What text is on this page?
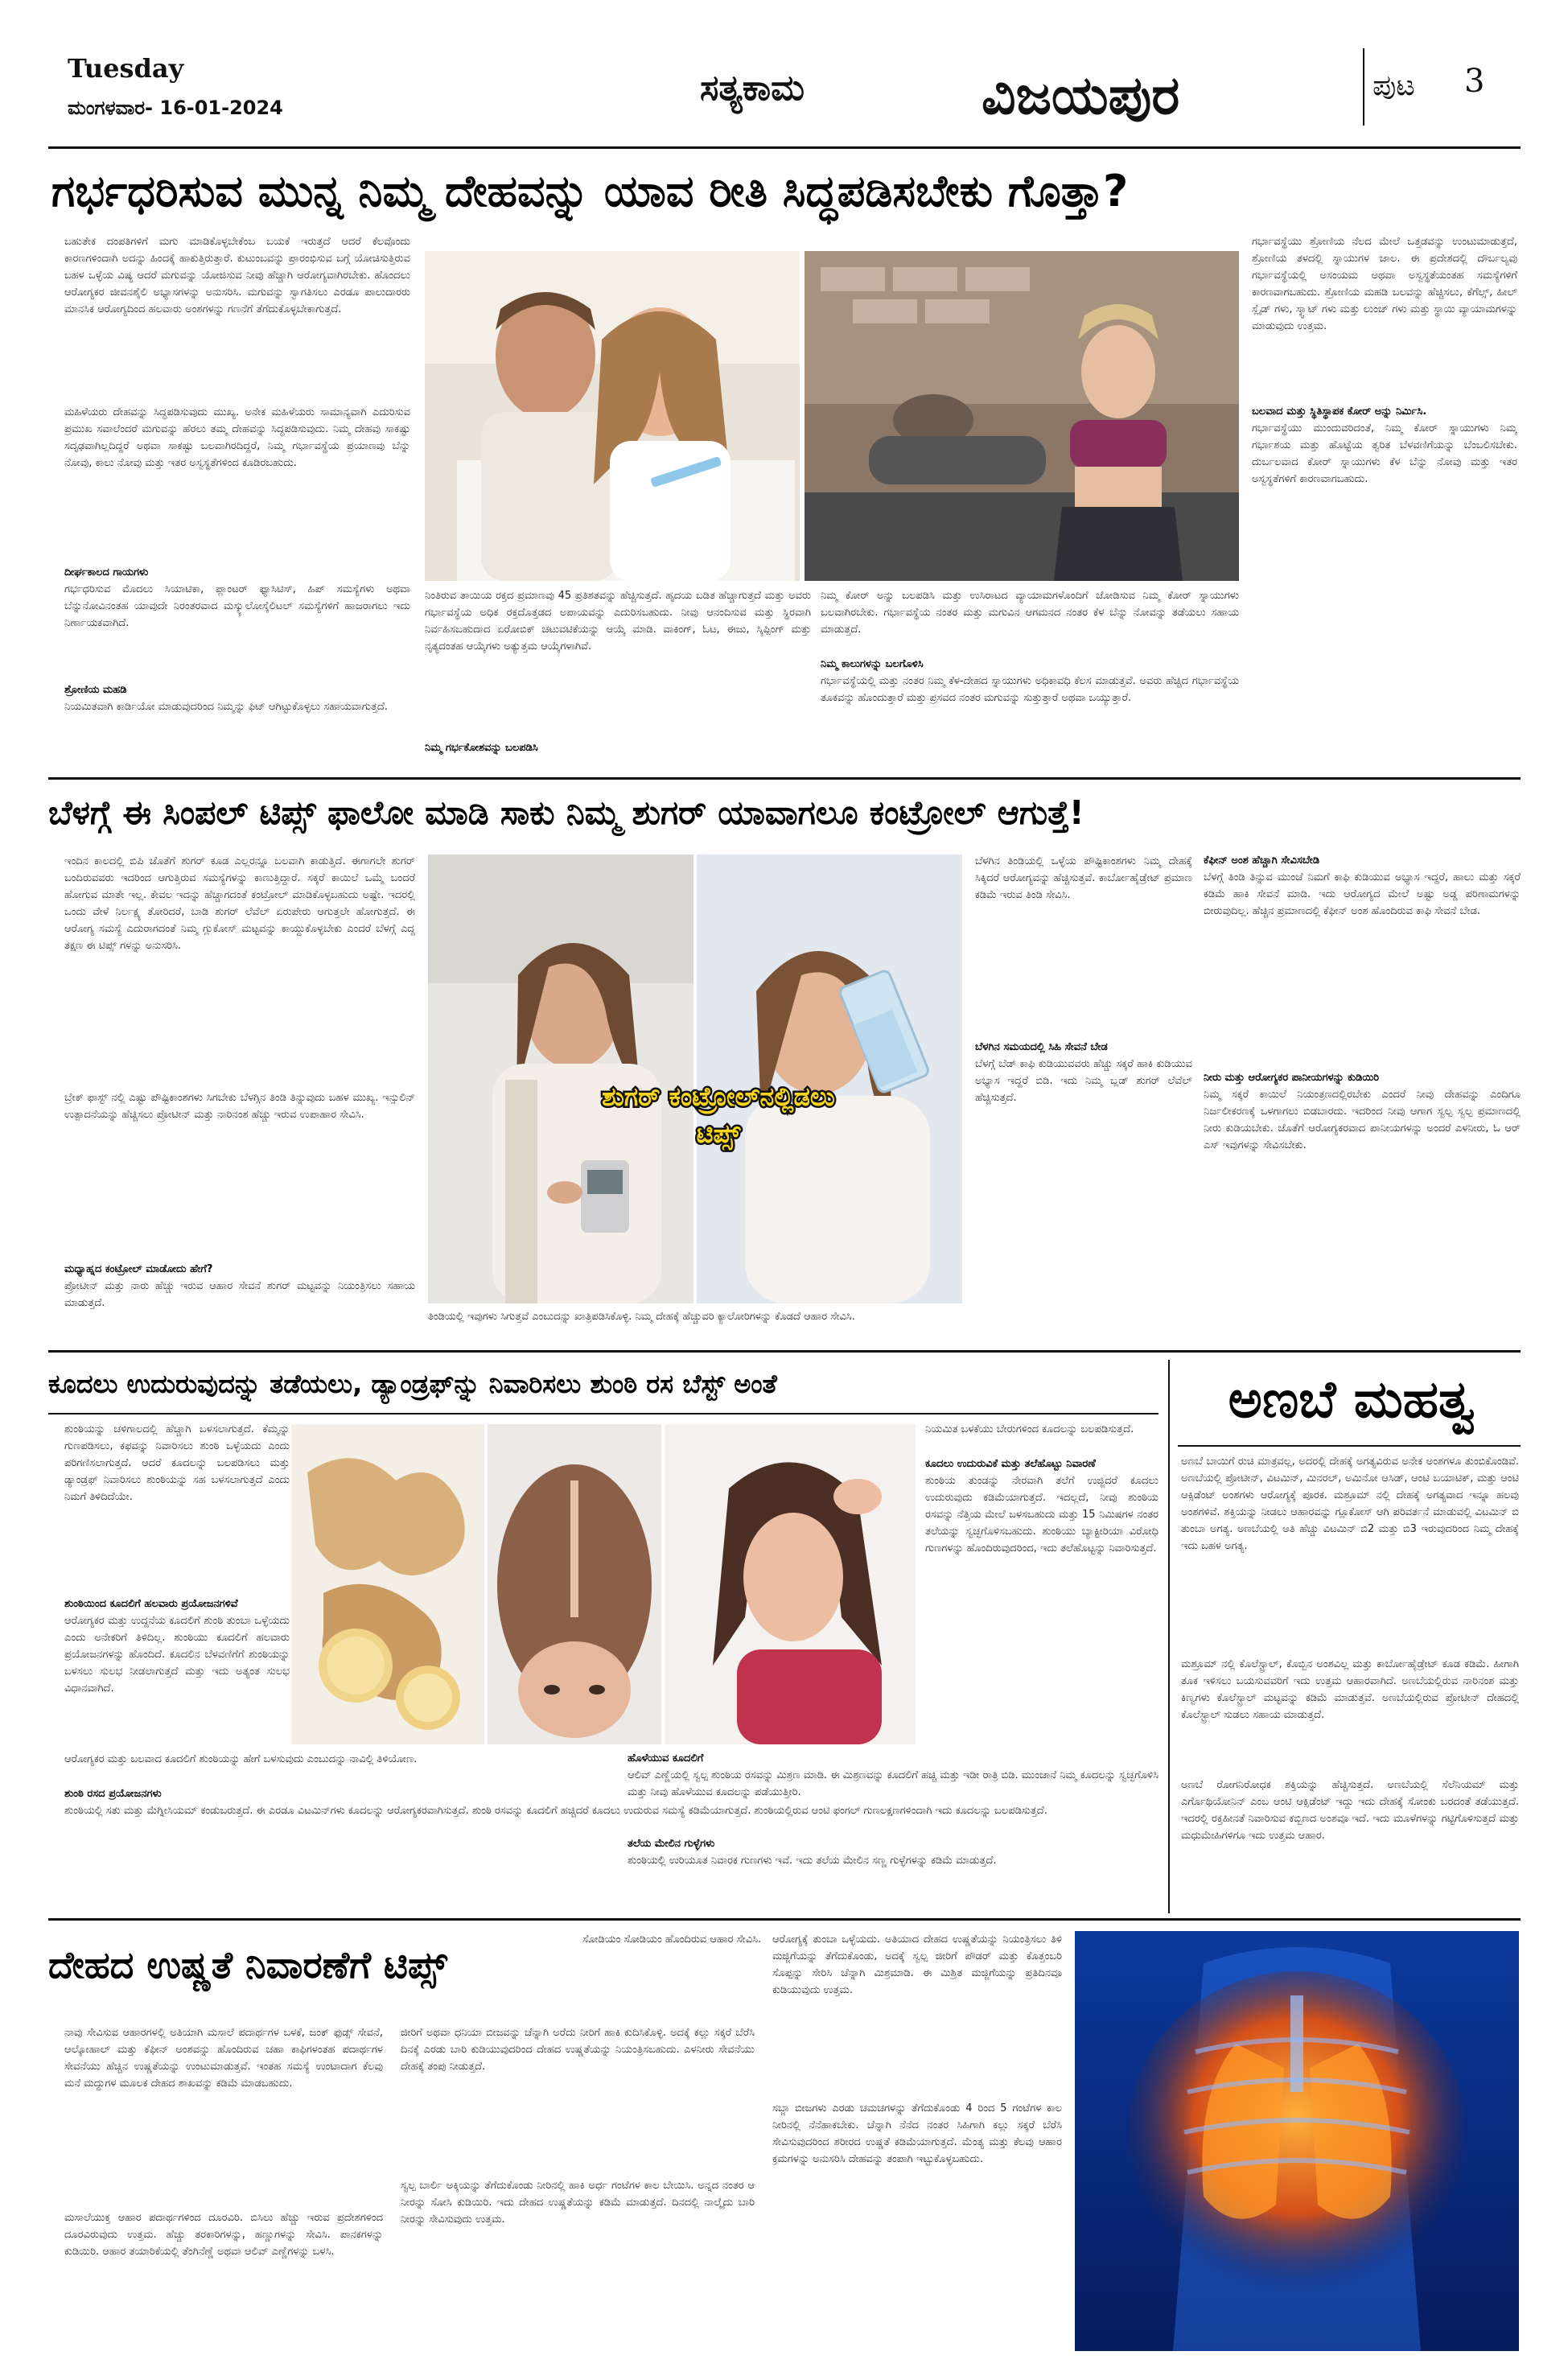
Tuesday
ಮಂಗಳವಾರ- 16-01-2024	ಸತ್ಯಕಾಮ	ವಿಜಯಪುರ	ಪುಟ 3
ಗರ್ಭಧರಿಸುವ ಮುನ್ನ ನಿಮ್ಮ ದೇಹವನ್ನು ಯಾವ ರೀತಿ ಸಿದ್ಧಪಡಿಸಬೇಕು ಗೊತ್ತಾ?
ಬಹುತೇಕ ದಂಪತಿಗಳಿಗೆ ಮಗು ಮಾಡಿಕೊಳ್ಳಬೇಕೆಂಬ ಬಯಕೆ ಇರುತ್ತದೆ ಆದರೆ ಕೆಲವೊಂದು ಕಾರಣಗಳಿಂದಾಗಿ ಅದನ್ನು ಹಿಂದಕ್ಕೆ ಹಾಕುತ್ತಿರುತ್ತಾರೆ. ಕುಟುಂಬವನ್ನು ಪ್ರಾರಂಭಿಸುವ ಬಗ್ಗೆ ಯೋಚಿಸುತ್ತಿರುವ ಬಹಳ ಒಳ್ಳೆಯ ವಿಷ್ಯ ಆದರೆ ಮಗುವನ್ನು ಯೋಜಿಸುವ ನೀವು ಹೆಚ್ಚಾಗಿ ಆರೋಗ್ಯವಾಗಿರಬೇಕು. ಹೊಂದಲು ಆರೋಗ್ಯಕರ ಜೀವನಶೈಲಿ ಅಭ್ಯಾಸಗಳನ್ನು ಅನುಸರಿಸಿ. ಮಗುವನ್ನು ಸ್ವಾಗತಿಸಲು ಎರಡೂ ಪಾಲುದಾರರು ಮಾನಸಿಕ ಆರೋಗ್ಯದಿಂದ ಹಲವಾರು ಅಂಶಗಳನ್ನು ಗಣನೆಗೆ ತೆಗೆದುಕೊಳ್ಳಬೇಕಾಗುತ್ತದೆ.
ಮಹಿಳೆಯರು ದೇಹವನ್ನು ಸಿದ್ಧಪಡಿಸುವುದು ಮುಖ್ಯ. ಅನೇಕ ಮಹಿಳೆಯರು ಸಾಮಾನ್ಯವಾಗಿ ಎದುರಿಸುವ ಪ್ರಮುಖ ಸವಾಲೆಂದರೆ ಮಗುವನ್ನು ಹೆರಲು ತಮ್ಮ ದೇಹವನ್ನು ಸಿದ್ಧಪಡಿಸುವುದು. ನಿಮ್ಮ ದೇಹವು ಸಾಕಷ್ಟು ಸದೃಢವಾಗಿಲ್ಲದಿದ್ದರೆ ಅಥವಾ ಸಾಕಷ್ಟು ಬಲವಾಗಿರದಿದ್ದರೆ, ನಿಮ್ಮ ಗರ್ಭಾವಸ್ಥೆಯ ಪ್ರಯಾಣವು ಬೆನ್ನು ನೋವು, ಕಾಲು ನೋವು ಮತ್ತು ಇತರ ಅಸ್ವಸ್ಥತೆಗಳಿಂದ ಕೂಡಿರಬಹುದು.
ದೀರ್ಘಕಾಲದ ಗಾಯಗಳು
ಗರ್ಭಧರಿಸುವ ಮೊದಲು ಸಿಯಾಟಿಕಾ, ಪ್ಲಾಂಟರ್ ಫ್ಯಾಸಿಟಿಸ್, ಹಿಪ್ ಸಮಸ್ಯೆಗಳು ಅಥವಾ ಬೆನ್ನುನೋವಿನಂತಹ ಯಾವುದೇ ನಿರಂತರವಾದ ಮಸ್ಕ್ಯುಲೋಸ್ಕೆಲಿಟಲ್ ಸಮಸ್ಯೆಗಳಿಗೆ ಹಾಜರಾಗಲು ಇದು ನಿರ್ಣಾಯಕವಾಗಿದೆ.
ಶ್ರೋಣಿಯ ಮಹಡಿ
ನಿಯಮಿತವಾಗಿ ಕಾರ್ಡಿಯೋ ಮಾಡುವುದರಿಂದ ನಿಮ್ಮನ್ನು ಫಿಟ್ ಆಗಿಟ್ಟುಕೊಳ್ಳಲು ಸಹಾಯವಾಗುತ್ತದೆ.
ನಿಂತಿರುವ ತಾಯಿಯ ರಕ್ತದ ಪ್ರಮಾಣವು 45 ಪ್ರತಿಶತವನ್ನು ಹೆಚ್ಚಿಸುತ್ತದೆ. ಹೃದಯ ಬಡಿತ ಹೆಚ್ಚಾಗುತ್ತದೆ ಮತ್ತು ಅವರು ಗರ್ಭಾವಸ್ಥೆಯ ಅಧಿಕ ರಕ್ತದೊತ್ತಡದ ಅಪಾಯವನ್ನು ಎದುರಿಸಬಹುದು. ನೀವು ಆನಂದಿಸುವ ಮತ್ತು ಸ್ಥಿರವಾಗಿ ನಿರ್ವಹಿಸಬಹುದಾದ ಏರೋಬಿಕ್ ಚಟುವಟಿಕೆಯನ್ನು ಆಯ್ಕೆ ಮಾಡಿ. ವಾಕಿಂಗ್, ಓಟ, ಈಜು, ಸ್ಕಿಪ್ಪಿಂಗ್ ಮತ್ತು ನೃತ್ಯದಂತಹ ಆಯ್ಕೆಗಳು ಅತ್ಯುತ್ತಮ ಆಯ್ಕೆಗಳಾಗಿವೆ.
ನಿಮ್ಮ ಗರ್ಭಕೋಶವನ್ನು ಬಲಪಡಿಸಿ
ನಿಮ್ಮ ಕೋರ್ ಅನ್ನು ಬಲಪಡಿಸಿ ಮತ್ತು ಉಸಿರಾಟದ ವ್ಯಾಯಾಮಗಳೊಂದಿಗೆ ಜೋಡಿಸುವ ನಿಮ್ಮ ಕೋರ್ ಸ್ನಾಯುಗಳು ಬಲವಾಗಿರಬೇಕು. ಗರ್ಭಾವಸ್ಥೆಯ ನಂತರ ಮತ್ತು ಮಗುವಿನ ಆಗಮನದ ನಂತರ ಕೆಳ ಬೆನ್ನು ನೋವನ್ನು ತಡೆಯಲು ಸಹಾಯ ಮಾಡುತ್ತದೆ.
ನಿಮ್ಮ ಕಾಲುಗಳನ್ನು ಬಲಗೊಳಿಸಿ
ಗರ್ಭಾವಸ್ಥೆಯಲ್ಲಿ ಮತ್ತು ನಂತರ ನಿಮ್ಮ ಕೆಳ-ದೇಹದ ಸ್ನಾಯುಗಳು ಅಧಿಕಾವಧಿ ಕೆಲಸ ಮಾಡುತ್ತವೆ. ಅವರು ಹೆಚ್ಚಿದ ಗರ್ಭಾವಸ್ಥೆಯ ತೂಕವನ್ನು ಹೊಂದುತ್ತಾರೆ ಮತ್ತು ಪ್ರಸವದ ನಂತರ ಮಗುವನ್ನು ಸುತ್ತುತ್ತಾರೆ ಅಥವಾ ಒಯ್ಯುತ್ತಾರೆ.
ಗರ್ಭಾವಸ್ಥೆಯು ಶ್ರೋಣಿಯ ನೆಲದ ಮೇಲೆ ಒತ್ತಡವನ್ನು ಉಂಟುಮಾಡುತ್ತದೆ, ಶ್ರೋಣಿಯ ತಳದಲ್ಲಿ ಸ್ನಾಯುಗಳ ಜಾಲ. ಈ ಪ್ರದೇಶದಲ್ಲಿ ದೌರ್ಬಲ್ಯವು ಗರ್ಭಾವಸ್ಥೆಯಲ್ಲಿ ಅಸಂಯಮ ಅಥವಾ ಅಸ್ವಸ್ಥತೆಯಂತಹ ಸಮಸ್ಯೆಗಳಿಗೆ ಕಾರಣವಾಗಬಹುದು. ಶ್ರೋಣಿಯ ಮಹಡಿ ಬಲವನ್ನು ಹೆಚ್ಚಿಸಲು, ಕೆಗೆಲ್ಸ್, ಹೀಲ್ ಸ್ಲೈಡ್ ಗಳು, ಸ್ಕ್ವಾಟ್ ಗಳು ಮತ್ತು ಲುಂಜ್ ಗಳು ಮತ್ತು ಸ್ಥಾಯಿ ವ್ಯಾಯಾಮಗಳನ್ನು ಮಾಡುವುದು ಉತ್ತಮ.
ಬಲವಾದ ಮತ್ತು ಸ್ಥಿತಿಸ್ಥಾಪಕ ಕೋರ್ ಅನ್ನು ನಿರ್ಮಿಸಿ.
ಗರ್ಭಾವಸ್ಥೆಯು ಮುಂದುವರಿದಂತೆ, ನಿಮ್ಮ ಕೋರ್ ಸ್ನಾಯುಗಳು ನಿಮ್ಮ ಗರ್ಭಾಶಯ ಮತ್ತು ಹೊಟ್ಟೆಯ ತ್ವರಿತ ಬೆಳವಣಿಗೆಯನ್ನು ಬೆಂಬಲಿಸಬೇಕು. ದುರ್ಬಲವಾದ ಕೋರ್ ಸ್ನಾಯುಗಳು ಕೆಳ ಬೆನ್ನು ನೋವು ಮತ್ತು ಇತರ ಅಸ್ವಸ್ಥತೆಗಳಿಗೆ ಕಾರಣವಾಗಬಹುದು.
ಬೆಳಗ್ಗೆ ಈ ಸಿಂಪಲ್ ಟಿಪ್ಸ್ ಫಾಲೋ ಮಾಡಿ ಸಾಕು ನಿಮ್ಮ ಶುಗರ್ ಯಾವಾಗಲೂ ಕಂಟ್ರೋಲ್ ಆಗುತ್ತೆ!
ಇಂದಿನ ಕಾಲದಲ್ಲಿ ಬಿಪಿ ಜೊತೆಗೆ ಶುಗರ್ ಕೂಡ ಎಲ್ಲರನ್ನೂ ಬಲವಾಗಿ ಕಾಡುತ್ತಿದೆ. ಈಗಾಗಲೇ ಶುಗರ್ ಬಂದಿರುವವರು ಇದರಿಂದ ಆಗುತ್ತಿರುವ ಸಮಸ್ಯೆಗಳನ್ನು ಕಾಣುತ್ತಿದ್ದಾರೆ. ಸಕ್ಕರೆ ಕಾಯಿಲೆ ಒಮ್ಮೆ ಬಂದರೆ ಹೋಗುವ ಮಾತೇ ಇಲ್ಲ. ಕೇವಲ ಇದನ್ನು ಹೆಚ್ಚಾಗದಂತೆ ಕಂಟ್ರೋಲ್ ಮಾಡಿಕೊಳ್ಳಬಹುದು ಅಷ್ಟೇ. ಇದರಲ್ಲಿ ಒಂದು ವೇಳೆ ನಿರ್ಲಕ್ಷ್ಯ ತೋರಿದರೆ, ಬಾಡಿ ಶುಗರ್ ಲೆವೆಲ್ ಏರುಪೇರು ಆಗುತ್ತಲೇ ಹೋಗುತ್ತದೆ. ಈ ಆರೋಗ್ಯ ಸಮಸ್ಯೆ ಎದುರಾಗದಂತೆ ನಿಮ್ಮ ಗ್ಲುಕೋಸ್ ಮಟ್ಟವನ್ನು ಕಾಯ್ದುಕೊಳ್ಳಬೇಕು ಎಂದರೆ ಬೆಳಗ್ಗೆ ಎದ್ದ ತಕ್ಷಣ ಈ ಟಿಪ್ಸ್ ಗಳನ್ನು ಅನುಸರಿಸಿ.
ಬ್ರೇಕ್ ಫಾಸ್ಟ್ ನಲ್ಲಿ ಎಷ್ಟು ಪೌಷ್ಟಿಕಾಂಶಗಳು ಸಿಗಬೇಕು ಬೆಳಗ್ಗಿನ ತಿಂಡಿ ತಿನ್ನುವುದು ಬಹಳ ಮುಖ್ಯ. ಇನ್ಸುಲಿನ್ ಉತ್ಪಾದನೆಯನ್ನು ಹೆಚ್ಚಿಸಲು ಪ್ರೋಟೀನ್ ಮತ್ತು ನಾರಿನಂಶ ಹೆಚ್ಚು ಇರುವ ಉಪಾಹಾರ ಸೇವಿಸಿ.
ಮಧ್ಯಾಹ್ನದ ಕಂಟ್ರೋಲ್ ಮಾಡೋದು ಹೇಗೆ?
ಪ್ರೋಟೀನ್ ಮತ್ತು ನಾರು ಹೆಚ್ಚು ಇರುವ ಆಹಾರ ಸೇವನೆ ಶುಗರ್ ಮಟ್ಟವನ್ನು ನಿಯಂತ್ರಿಸಲು ಸಹಾಯ ಮಾಡುತ್ತದೆ.
ಶುಗರ್ ಕಂಟ್ರೋಲ್‌ನಲ್ಲಿಡಲು
ಟಿಪ್ಸ್
ತಿಂಡಿಯಲ್ಲಿ ಇವುಗಳು ಸಿಗುತ್ತವೆ ಎಂಬುದನ್ನು ಖಾತ್ರಿಪಡಿಸಿಕೊಳ್ಳಿ. ನಿಮ್ಮ ದೇಹಕ್ಕೆ ಹೆಚ್ಚುವರಿ ಕ್ಯಾಲೋರಿಗಳನ್ನು ಕೊಡದೆ ಆಹಾರ ಸೇವಿಸಿ.
ಬೆಳಗಿನ ತಿಂಡಿಯಲ್ಲಿ ಒಳ್ಳೆಯ ಪೌಷ್ಟಿಕಾಂಶಗಳು ನಿಮ್ಮ ದೇಹಕ್ಕೆ ಸಿಕ್ಕಿದರೆ ಆರೋಗ್ಯವನ್ನು ಹೆಚ್ಚಿಸುತ್ತವೆ. ಕಾರ್ಬೋಹೈಡ್ರೇಟ್ ಪ್ರಮಾಣ ಕಡಿಮೆ ಇರುವ ತಿಂಡಿ ಸೇವಿಸಿ.
ಬೆಳಗಿನ ಸಮಯದಲ್ಲಿ ಸಿಹಿ ಸೇವನೆ ಬೇಡ
ಬೆಳಗ್ಗೆ ಬೆಡ್ ಕಾಫಿ ಕುಡಿಯುವವರು ಹೆಚ್ಚು ಸಕ್ಕರೆ ಹಾಕಿ ಕುಡಿಯುವ ಅಭ್ಯಾಸ ಇದ್ದರೆ ಬಿಡಿ. ಇದು ನಿಮ್ಮ ಬ್ಲಡ್ ಶುಗರ್ ಲೆವೆಲ್ ಹೆಚ್ಚಿಸುತ್ತದೆ.
ಕೆಫೀನ್ ಅಂಶ ಹೆಚ್ಚಾಗಿ ಸೇವಿಸಬೇಡಿ
ಬೆಳಗ್ಗೆ ತಿಂಡಿ ತಿನ್ನುವ ಮುಂಚೆ ನಿಮಗೆ ಕಾಫಿ ಕುಡಿಯುವ ಅಭ್ಯಾಸ ಇದ್ದರೆ, ಹಾಲು ಮತ್ತು ಸಕ್ಕರೆ ಕಡಿಮೆ ಹಾಕಿ ಸೇವನೆ ಮಾಡಿ. ಇದು ಆರೋಗ್ಯದ ಮೇಲೆ ಅಷ್ಟು ಅಡ್ಡ ಪರಿಣಾಮಗಳನ್ನು ಬೀರುವುದಿಲ್ಲ. ಹೆಚ್ಚಿನ ಪ್ರಮಾಣದಲ್ಲಿ ಕೆಫೀನ್ ಅಂಶ ಹೊಂದಿರುವ ಕಾಫಿ ಸೇವನೆ ಬೇಡ.
ನೀರು ಮತ್ತು ಆರೋಗ್ಯಕರ ಪಾನೀಯಗಳನ್ನು ಕುಡಿಯಿರಿ
ನಿಮ್ಮ ಸಕ್ಕರೆ ಕಾಯಿಲೆ ನಿಯಂತ್ರಣದಲ್ಲಿರಬೇಕು ಎಂದರೆ ನೀವು ದೇಹವನ್ನು ಎಂದಿಗೂ ನಿರ್ಜಲೀಕರಣಕ್ಕೆ ಒಳಗಾಗಲು ಬಿಡಬಾರದು. ಇದರಿಂದ ನೀವು ಆಗಾಗ ಸ್ವಲ್ಪ ಸ್ವಲ್ಪ ಪ್ರಮಾಣದಲ್ಲಿ ನೀರು ಕುಡಿಯಬೇಕು. ಜೊತೆಗೆ ಆರೋಗ್ಯಕರವಾದ ಪಾನೀಯಗಳನ್ನು ಅಂದರೆ ಎಳನೀರು, ಓ ಆರ್ ಎಸ್ ಇವುಗಳನ್ನು ಸೇವಿಸಬೇಕು.
ಕೂದಲು ಉದುರುವುದನ್ನು ತಡೆಯಲು, ಡ್ಯಾಂಡ್ರಫ್‌ನ್ನು ನಿವಾರಿಸಲು ಶುಂಠಿ ರಸ ಬೆಸ್ಟ್ ಅಂತೆ
ಶುಂಠಿಯನ್ನು ಚಳಿಗಾಲದಲ್ಲಿ ಹೆಚ್ಚಾಗಿ ಬಳಸಲಾಗುತ್ತದೆ. ಕೆಮ್ಮನ್ನು ಗುಣಪಡಿಸಲು, ಕಫವನ್ನು ನಿವಾರಿಸಲು ಶುಂಠಿ ಒಳ್ಳೆಯದು ಎಂದು ಪರಿಗಣಿಸಲಾಗುತ್ತದೆ. ಆದರೆ ಕೂದಲನ್ನು ಬಲಪಡಿಸಲು ಮತ್ತು ಡ್ಯಾಂಡ್ರಫ್ ನಿವಾರಿಸಲು ಶುಂಠಿಯನ್ನು ಸಹ ಬಳಸಲಾಗುತ್ತದೆ ಎಂದು ನಿಮಗೆ ತಿಳಿದಿದೆಯೇ.
ಶುಂಠಿಯಿಂದ ಕೂದಲಿಗೆ ಹಲವಾರು ಪ್ರಯೋಜನಗಳಿವೆ
ಆರೋಗ್ಯಕರ ಮತ್ತು ಉದ್ದನೆಯ ಕೂದಲಿಗೆ ಶುಂಠಿ ತುಂಬಾ ಒಳ್ಳೆಯದು ಎಂದು ಅನೇಕರಿಗೆ ತಿಳಿದಿಲ್ಲ. ಶುಂಠಿಯು ಕೂದಲಿಗೆ ಹಲವಾರು ಪ್ರಯೋಜನಗಳನ್ನು ಹೊಂದಿದೆ. ಕೂದಲಿನ ಬೆಳವಣಿಗೆಗೆ ಶುಂಠಿಯನ್ನು ಬಳಸಲು ಸುಲಭ ನೀಡಲಾಗುತ್ತದೆ ಮತ್ತು ಇದು ಅತ್ಯಂತ ಸುಲಭ ವಿಧಾನವಾಗಿದೆ.
ಆರೋಗ್ಯಕರ ಮತ್ತು ಬಲವಾದ ಕೂದಲಿಗೆ ಶುಂಠಿಯನ್ನು ಹೇಗೆ ಬಳಸುವುದು ಎಂಬುದನ್ನು ನಾವಿಲ್ಲಿ ತಿಳಿಯೋಣ.
ಶುಂಠಿ ರಸದ ಪ್ರಯೋಜನಗಳು
ಶುಂಠಿಯಲ್ಲಿ ಸತು ಮತ್ತು ಮೆಗ್ನೀಸಿಯಮ್ ಕಂಡುಬರುತ್ತದೆ. ಈ ಎರಡೂ ವಿಟಮಿನ್‌ಗಳು ಕೂದಲನ್ನು ಆರೋಗ್ಯಕರವಾಗಿಸುತ್ತದೆ. ಶುಂಠಿ ರಸವನ್ನು ಕೂದಲಿಗೆ ಹಚ್ಚಿದರೆ ಕೂದಲು ಉದುರುವ ಸಮಸ್ಯೆ ಕಡಿಮೆಯಾಗುತ್ತದೆ. ಶುಂಠಿಯಲ್ಲಿರುವ ಆಂಟಿ ಫಂಗಲ್ ಗುಣಲಕ್ಷಣಗಳಿಂದಾಗಿ ಇದು ಕೂದಲನ್ನು ಬಲಪಡಿಸುತ್ತದೆ.
ನಿಯಮಿತ ಬಳಕೆಯು ಬೇರುಗಳಿಂದ ಕೂದಲನ್ನು ಬಲಪಡಿಸುತ್ತದೆ.
ಕೂದಲು ಉದುರುವಿಕೆ ಮತ್ತು ತಲೆಹೊಟ್ಟು ನಿವಾರಣೆ
ಶುಂಠಿಯ ತುಂಡನ್ನು ನೇರವಾಗಿ ತಲೆಗೆ ಉಜ್ಜಿದರೆ ಕೂದಲು ಉದುರುವುದು ಕಡಿಮೆಯಾಗುತ್ತದೆ. ಇದಲ್ಲದೆ, ನೀವು ಶುಂಠಿಯ ರಸವನ್ನು ನೆತ್ತಿಯ ಮೇಲೆ ಬಳಸಬಹುದು ಮತ್ತು 15 ನಿಮಿಷಗಳ ನಂತರ ತಲೆಯನ್ನು ಸ್ವಚ್ಛಗೊಳಿಸಬಹುದು. ಶುಂಠಿಯು ಬ್ಯಾಕ್ಟೀರಿಯಾ ವಿರೋಧಿ ಗುಣಗಳನ್ನು ಹೊಂದಿರುವುದರಿಂದ, ಇದು ತಲೆಹೊಟ್ಟನ್ನು ನಿವಾರಿಸುತ್ತದೆ.
ಹೊಳೆಯುವ ಕೂದಲಿಗೆ
ಆಲಿವ್ ಎಣ್ಣೆಯಲ್ಲಿ ಸ್ವಲ್ಪ ಶುಂಠಿಯ ರಸವನ್ನು ಮಿಶ್ರಣ ಮಾಡಿ. ಈ ಮಿಶ್ರಣವನ್ನು ಕೂದಲಿಗೆ ಹಚ್ಚಿ ಮತ್ತು ಇಡೀ ರಾತ್ರಿ ಬಿಡಿ. ಮುಂಜಾನೆ ನಿಮ್ಮ ಕೂದಲನ್ನು ಸ್ವಚ್ಛಗೊಳಿಸಿ ಮತ್ತು ನೀವು ಹೊಳೆಯುವ ಕೂದಲನ್ನು ಪಡೆಯುತ್ತೀರಿ.
ತಲೆಯ ಮೇಲಿನ ಗುಳ್ಳೆಗಳು
ಶುಂಠಿಯಲ್ಲಿ ಉರಿಯೂತ ನಿವಾರಕ ಗುಣಗಳು ಇವೆ. ಇದು ತಲೆಯ ಮೇಲಿನ ಸಣ್ಣ ಗುಳ್ಳೆಗಳನ್ನು ಕಡಿಮೆ ಮಾಡುತ್ತದೆ.
ಅಣಬೆ ಮಹತ್ವ
ಅಣಬೆ ಬಾಯಿಗೆ ರುಚಿ ಮಾತ್ರವಲ್ಲ, ಅದರಲ್ಲಿ ದೇಹಕ್ಕೆ ಅಗತ್ಯವಿರುವ ಅನೇಕ ಅಂಶಗಳೂ ತುಂಬಿಕೊಂಡಿವೆ. ಅಣಬೆಯಲ್ಲಿ ಪ್ರೋಟೀನ್, ವಿಟಮಿನ್, ಮಿನರಲ್, ಅಮಿನೋ ಆಸಿಡ್, ಆಂಟಿ ಬಯಾಟಿಕ್, ಮತ್ತು ಆಂಟಿ ಆಕ್ಸಿಡೆಂಟ್ ಅಂಶಗಳು ಆರೋಗ್ಯಕ್ಕೆ ಪೂರಕ. ಮಶ್ರೂಮ್ ನಲ್ಲಿ ದೇಹಕ್ಕೆ ಅಗತ್ಯವಾದ ಇನ್ನೂ ಹಲವು ಅಂಶಗಳಿವೆ. ಶಕ್ತಿಯನ್ನು ನೀಡಲು ಆಹಾರವನ್ನು ಗ್ಲೂಕೋಸ್ ಆಗಿ ಪರಿವರ್ತನೆ ಮಾಡುವಲ್ಲಿ ವಿಟಮಿನ್ ಬಿ ತುಂಬಾ ಅಗತ್ಯ. ಅಣಬೆಯಲ್ಲಿ ಅತಿ ಹೆಚ್ಚು ವಿಟಮಿನ್ ಬಿ2 ಮತ್ತು ಬಿ3 ಇರುವುದರಿಂದ ನಿಮ್ಮ ದೇಹಕ್ಕೆ ಇದು ಬಹಳ ಅಗತ್ಯ.
ಮಶ್ರೂಮ್ ನಲ್ಲಿ ಕೊಲೆಸ್ಟ್ರಾಲ್, ಕೊಬ್ಬಿನ ಅಂಶವಿಲ್ಲ ಮತ್ತು ಕಾರ್ಬೋಹೈಡ್ರೇಟ್ ಕೂಡ ಕಡಿಮೆ. ಹೀಗಾಗಿ ತೂಕ ಇಳಿಸಲು ಬಯಸುವವರಿಗೆ ಇದು ಉತ್ತಮ ಆಹಾರವಾಗಿದೆ. ಅಣಬೆಯಲ್ಲಿರುವ ನಾರಿನಂಶ ಮತ್ತು ಕಿಣ್ವಗಳು ಕೊಲೆಸ್ಟ್ರಾಲ್ ಮಟ್ಟವನ್ನು ಕಡಿಮೆ ಮಾಡುತ್ತವೆ. ಅಣಬೆಯಲ್ಲಿರುವ ಪ್ರೋಟೀನ್ ದೇಹದಲ್ಲಿ ಕೊಲೆಸ್ಟ್ರಾಲ್ ಸುಡಲು ಸಹಾಯ ಮಾಡುತ್ತದೆ.
ಅಣಬೆ ರೋಗನಿರೋಧಕ ಶಕ್ತಿಯನ್ನು ಹೆಚ್ಚಿಸುತ್ತದೆ. ಅಣಬೆಯಲ್ಲಿ ಸೆಲೆನಿಯಮ್ ಮತ್ತು ಎರ್ಗೊಥಿಯೋನಿನ್ ಎಂಬ ಆಂಟಿ ಆಕ್ಸಿಡೆಂಟ್ ಇದ್ದು ಇದು ದೇಹಕ್ಕೆ ಸೋಂಕು ಬರದಂತೆ ತಡೆಯುತ್ತದೆ. ಇದರಲ್ಲಿ ರಕ್ತಹೀನತೆ ನಿವಾರಿಸುವ ಕಬ್ಬಿಣದ ಅಂಶವೂ ಇದೆ. ಇದು ಮೂಳೆಗಳನ್ನು ಗಟ್ಟಿಗೊಳಿಸುತ್ತದೆ ಮತ್ತು ಮಧುಮೇಹಿಗಳಿಗೂ ಇದು ಉತ್ತಮ ಆಹಾರ.
ದೇಹದ ಉಷ್ಣತೆ ನಿವಾರಣೆಗೆ ಟಿಪ್ಸ್
ಸೋಡಿಯಂ ಸೋಡಿಯಂ ಹೊಂದಿರುವ ಆಹಾರ ಸೇವಿಸಿ.
ನಾವು ಸೇವಿಸುವ ಆಹಾರಗಳಲ್ಲಿ ಅತಿಯಾಗಿ ಮಸಾಲೆ ಪದಾರ್ಥಗಳ ಬಳಕೆ, ಜಂಕ್ ಫುಡ್ಸ್ ಸೇವನೆ, ಆಲ್ಕೋಹಾಲ್ ಮತ್ತು ಕೆಫೀನ್ ಅಂಶವನ್ನು ಹೊಂದಿರುವ ಚಹಾ ಕಾಫಿಗಳಂತಹ ಪದಾರ್ಥಗಳ ಸೇವನೆಯು ಹೆಚ್ಚಿನ ಉಷ್ಣತೆಯನ್ನು ಉಂಟುಮಾಡುತ್ತವೆ. ಇಂತಹ ಸಮಸ್ಯೆ ಉಂಟಾದಾಗ ಕೆಲವು ಮನೆ ಮದ್ದುಗಳ ಮೂಲಕ ದೇಹದ ಶಾಖವನ್ನು ಕಡಿಮೆ ಮಾಡಬಹುದು.
ಮಸಾಲೆಯುಕ್ತ ಆಹಾರ ಪದಾರ್ಥಗಳಿಂದ ದೂರವಿರಿ. ಬಿಸಿಲು ಹೆಚ್ಚು ಇರುವ ಪ್ರದೇಶಗಳಿಂದ ದೂರವಿರುವುದು ಉತ್ತಮ. ಹೆಚ್ಚು ತರಕಾರಿಗಳನ್ನು, ಹಣ್ಣುಗಳನ್ನು ಸೇವಿಸಿ. ಪಾನಕಗಳನ್ನು ಕುಡಿಯಿರಿ. ಆಹಾರ ತಯಾರಿಕೆಯಲ್ಲಿ ತೆಂಗಿನೆಣ್ಣೆ ಅಥವಾ ಆಲಿವ್ ಎಣ್ಣೆಗಳನ್ನು ಬಳಸಿ.
ಜೀರಿಗೆ ಅಥವಾ ಧನಿಯಾ ಬೀಜವನ್ನು ಚೆನ್ನಾಗಿ ಅರೆದು ನೀರಿಗೆ ಹಾಕಿ ಕುದಿಸಿಕೊಳ್ಳಿ. ಅದಕ್ಕೆ ಕಲ್ಲು ಸಕ್ಕರೆ ಬೆರೆಸಿ ದಿನಕ್ಕೆ ಎರಡು ಬಾರಿ ಕುಡಿಯುವುದರಿಂದ ದೇಹದ ಉಷ್ಣತೆಯನ್ನು ನಿಯಂತ್ರಿಸಬಹುದು. ಎಳನೀರು ಸೇವನೆಯು ದೇಹಕ್ಕೆ ತಂಪು ನೀಡುತ್ತದೆ.
ಸ್ವಲ್ಪ ಬಾರ್ಲಿ ಅಕ್ಕಿಯನ್ನು ತೆಗೆದುಕೊಂಡು ನೀರಿನಲ್ಲಿ ಹಾಕಿ ಅರ್ಧ ಗಂಟೆಗಳ ಕಾಲ ಬೇಯಿಸಿ. ಅನ್ನದ ನಂತರ ಆ ನೀರನ್ನು ಸೋಸಿ ಕುಡಿಯಿರಿ. ಇದು ದೇಹದ ಉಷ್ಣತೆಯನ್ನು ಕಡಿಮೆ ಮಾಡುತ್ತದೆ. ದಿನದಲ್ಲಿ ನಾಲ್ಕೈದು ಬಾರಿ ನೀರನ್ನು ಸೇವಿಸುವುದು ಉತ್ತಮ.
ಆರೋಗ್ಯಕ್ಕೆ ತುಂಬಾ ಒಳ್ಳೆಯದು. ಅತಿಯಾದ ದೇಹದ ಉಷ್ಣತೆಯನ್ನು ನಿಯಂತ್ರಿಸಲು ತಿಳಿ ಮಜ್ಜಿಗೆಯನ್ನು ತೆಗೆದುಕೊಂಡು, ಅದಕ್ಕೆ ಸ್ವಲ್ಪ ಜೀರಿಗೆ ಪೌಡರ್ ಮತ್ತು ಕೊತ್ತಂಬರಿ ಸೊಪ್ಪನ್ನು ಸೇರಿಸಿ ಚೆನ್ನಾಗಿ ಮಿಶ್ರಮಾಡಿ. ಈ ಮಿಶ್ರಿತ ಮಜ್ಜಿಗೆಯನ್ನು ಪ್ರತಿದಿನವೂ ಕುಡಿಯುವುದು ಉತ್ತಮ.
ಸಬ್ಜಾ ಬೀಜಗಳು ಎರಡು ಚಮಚಗಳನ್ನು ತೆಗೆದುಕೊಂಡು 4 ರಿಂದ 5 ಗಂಟೆಗಳ ಕಾಲ ನೀರಿನಲ್ಲಿ ನೆನೆಹಾಕಬೇಕು. ಚೆನ್ನಾಗಿ ನೆನೆದ ನಂತರ ಸಿಹಿಗಾಗಿ ಕಲ್ಲು ಸಕ್ಕರೆ ಬೆರೆಸಿ ಸೇವಿಸುವುದರಿಂದ ಶರೀರದ ಉಷ್ಣತೆ ಕಡಿಮೆಯಾಗುತ್ತದೆ. ಮೆಂತ್ಯ ಮತ್ತು ಕೆಲವು ಆಹಾರ ಕ್ರಮಗಳನ್ನು ಅನುಸರಿಸಿ ದೇಹವನ್ನು ತಂಪಾಗಿ ಇಟ್ಟುಕೊಳ್ಳಬಹುದು.
